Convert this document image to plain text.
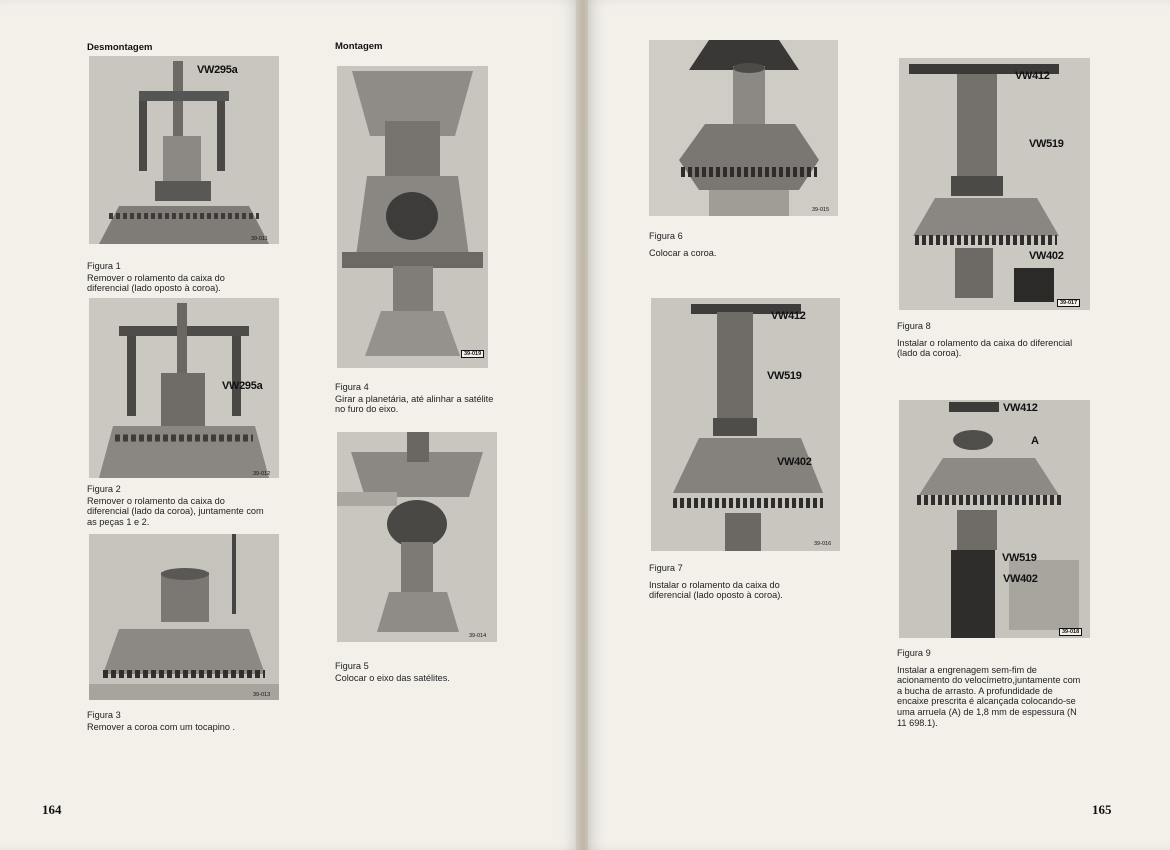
Desmontagem	Montagem
VW295a
39-011
Figura 1
Remover o rolamento da caixa do diferencial (lado oposto à coroa).
VW295a
39-012
Figura 2
Remover o rolamento da caixa do diferencial (lado da coroa), juntamente com as peças 1 e 2.
39-013
Figura 3
Remover a coroa com um tocapino .
39-019
Figura 4
Girar a planetária, até alinhar a satélite no furo do eixo.
39-014
Figura 5
Colocar o eixo das satélites.
164
39-015
Figura 6
Colocar a coroa.
VW412
VW519
VW402
39-016
Figura 7
Instalar o rolamento da caixa do diferencial (lado oposto à coroa).
VW412
VW519
VW402
39-017
Figura 8
Instalar o rolamento da caixa do diferencial (lado da coroa).
VW412
A
VW519
VW402
39-018
Figura 9
Instalar a engrenagem sem-fim de acionamento do velocímetro,juntamente com a bucha de arrasto. A profundidade de encaixe prescrita é alcançada colocando-se uma arruela (A) de 1,8 mm de espessura (N 11 698.1).
165
